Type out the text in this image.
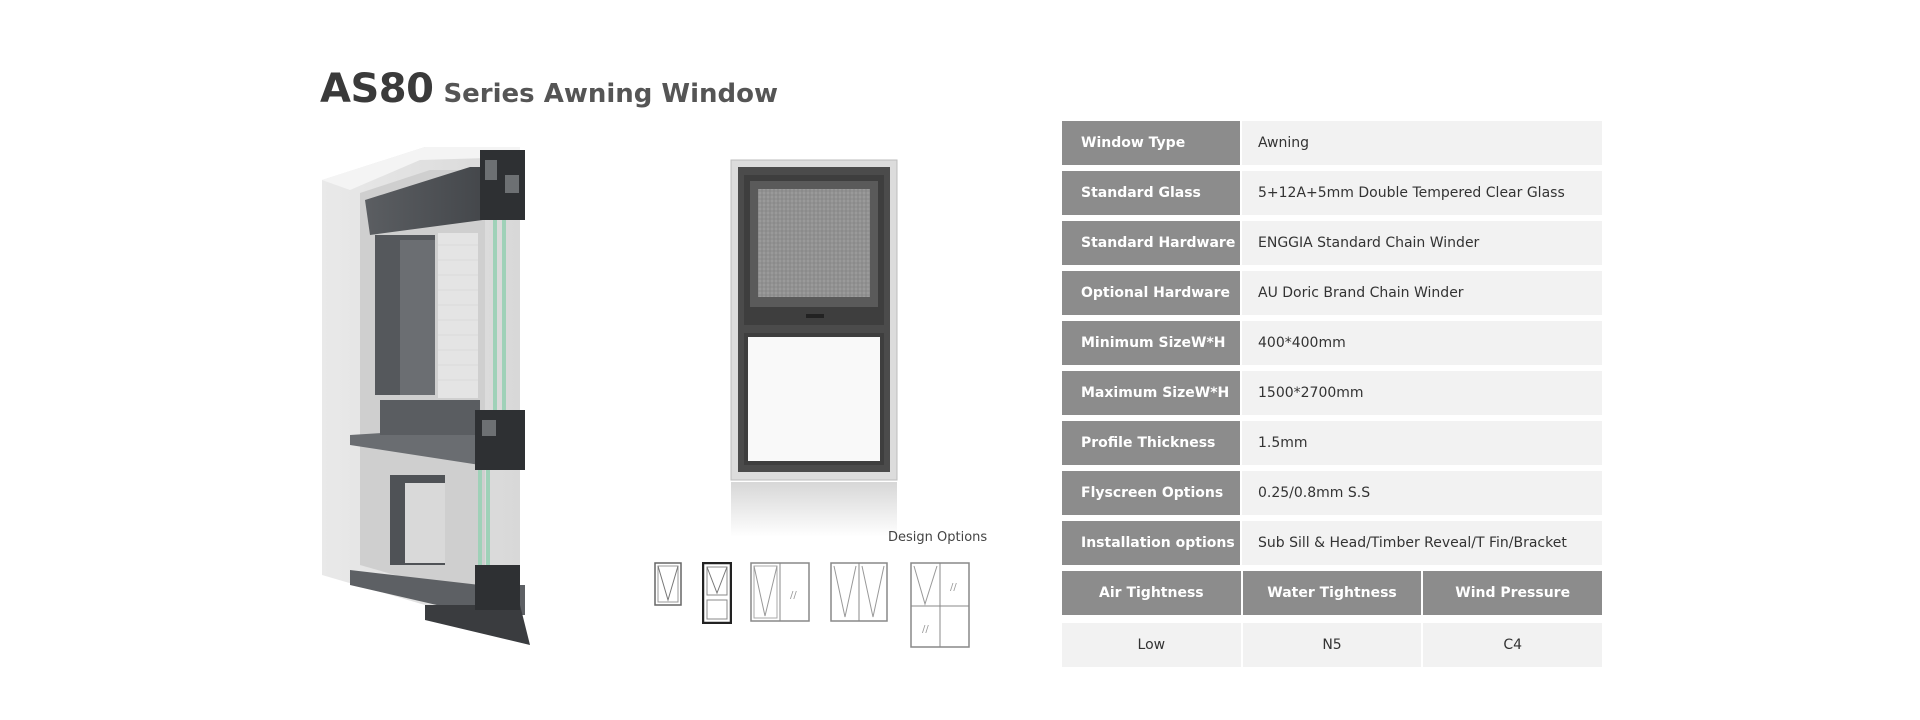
AS80 Series Awning Window
Design Options
//
//
//
Window Type	Awning
Standard Glass	5+12A+5mm Double Tempered Clear Glass
Standard Hardware	ENGGIA Standard Chain Winder
Optional Hardware	AU Doric Brand Chain Winder
Minimum SizeW*H	400*400mm
Maximum SizeW*H	1500*2700mm
Profile Thickness	1.5mm
Flyscreen Options	0.25/0.8mm S.S
Installation options	Sub Sill & Head/Timber Reveal/T Fin/Bracket
Air Tightness	Water Tightness	Wind Pressure
Low	N5	C4
